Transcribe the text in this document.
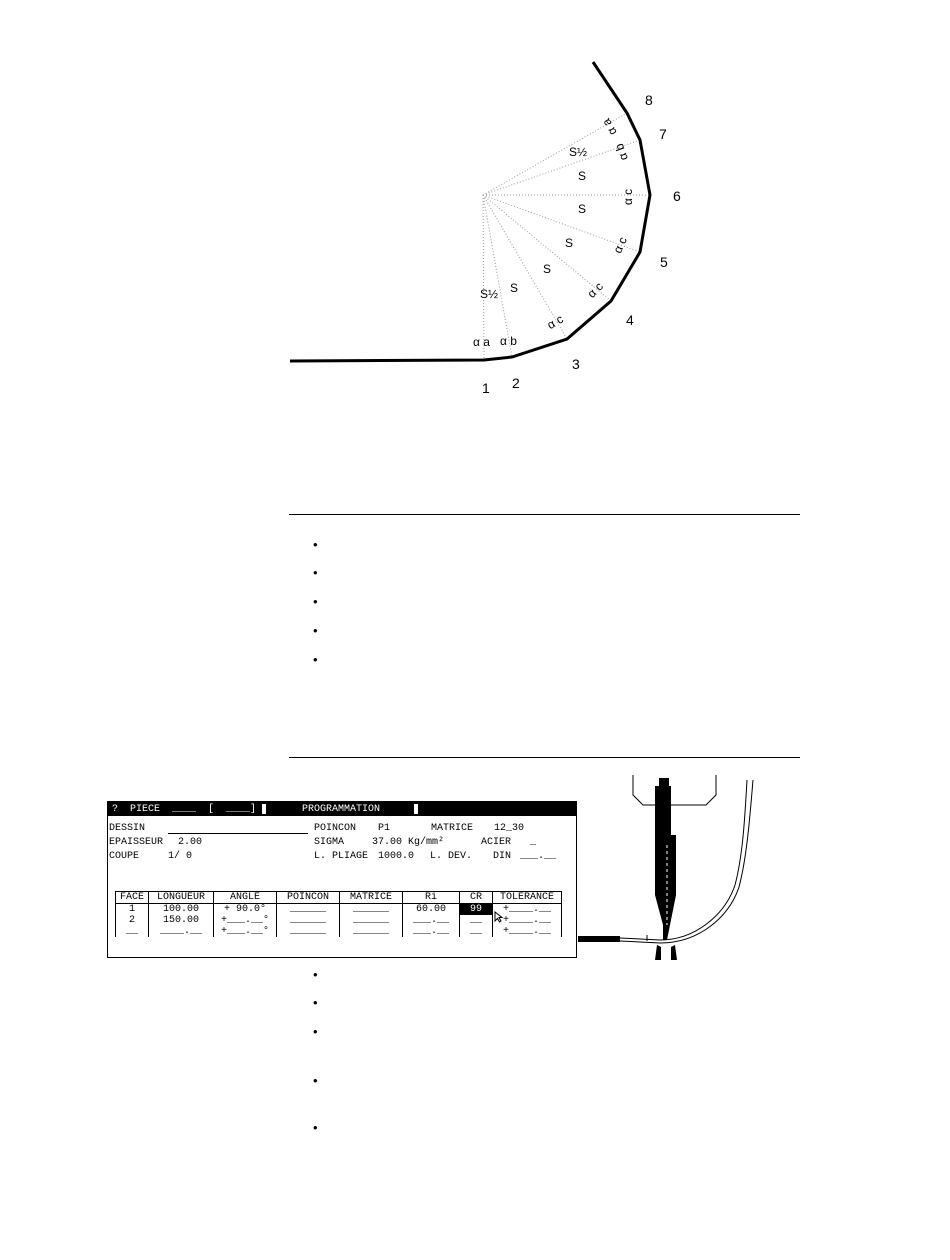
1 2
3
4
5
6
7
8
S½ S
S
S
S
S
S½
α a α b
α c
α c
α c
α c
α b
α a
•
•
•
•
•
?  PIECE  ____  [  ____]	PROGRAMMATION
DESSIN	POINCON P1	MATRICE 12_30
EPAISSEUR 2.00	SIGMA	37.00 Kg/mm²	ACIER _
COUPE	1/ 0	L. PLIAGE 1000.0 L. DEV. DIN ___.__
FACE	LONGUEUR	ANGLE	POINCON	MATRICE	Ri	CR	TOLERANCE
1	100.00	+ 90.0°	______	______	60.00	99	+____.__
2	150.00	+___.__°	______	______	___.__	__	+____.__
__	____.__	+___.__°	______	______	___.__	__	+____.__
•
•
•
•
•
